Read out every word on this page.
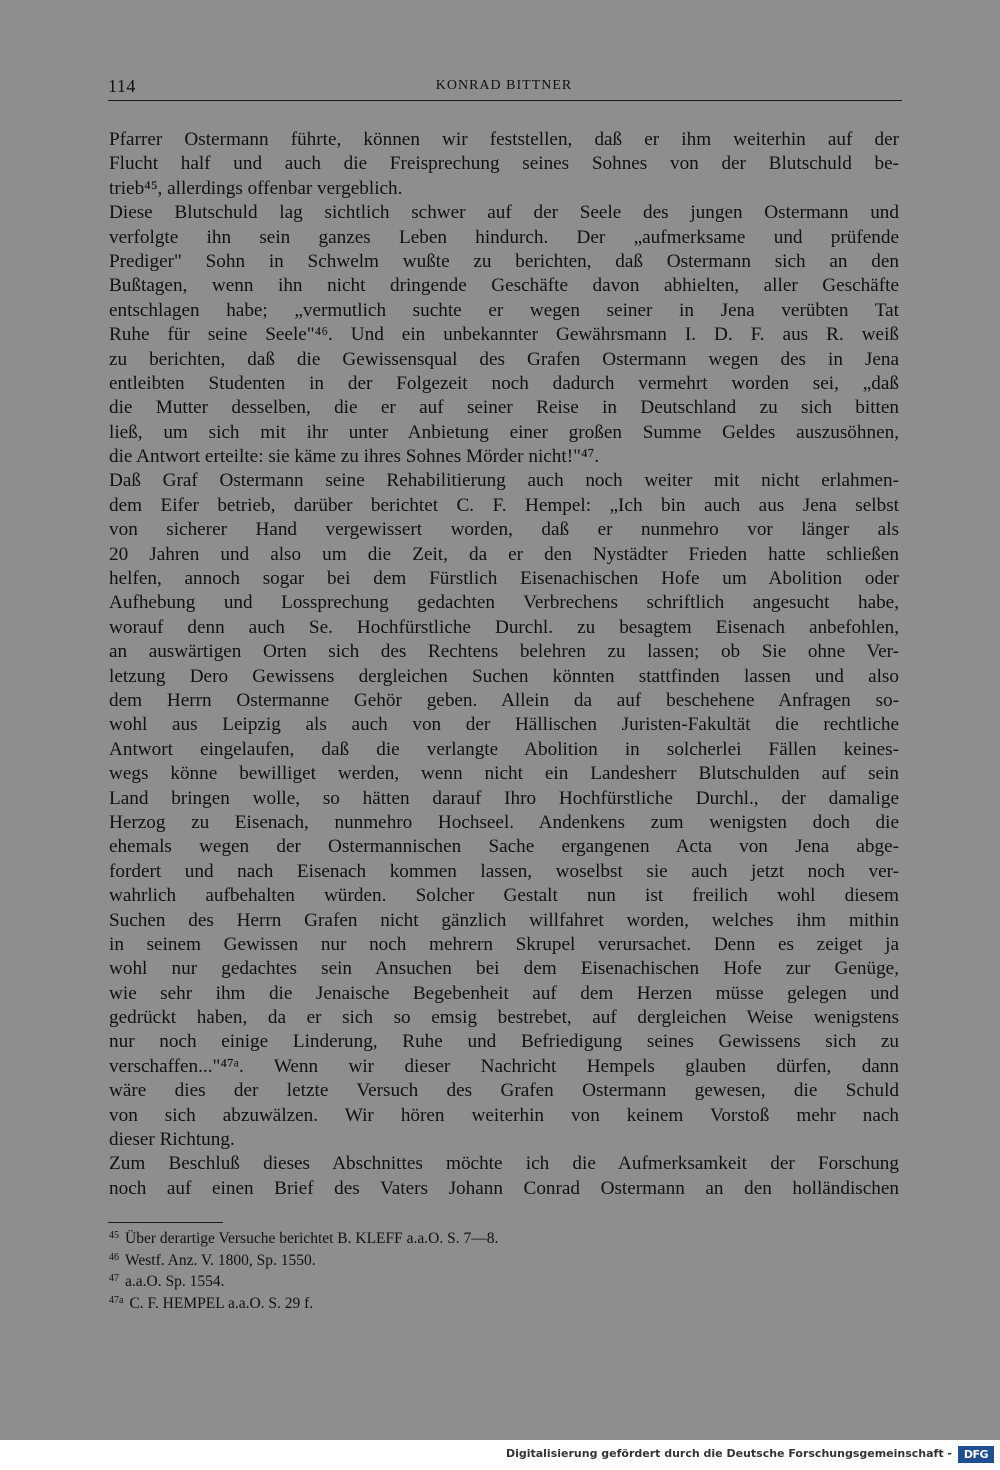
114	KONRAD BITTNER
Pfarrer Ostermann führte, können wir feststellen, daß er ihm weiterhin auf der
Flucht half und auch die Freisprechung seines Sohnes von der Blutschuld be-
trieb⁴⁵, allerdings offenbar vergeblich.
Diese Blutschuld lag sichtlich schwer auf der Seele des jungen Ostermann und
verfolgte ihn sein ganzes Leben hindurch. Der „aufmerksame und prüfende
Prediger" Sohn in Schwelm wußte zu berichten, daß Ostermann sich an den
Bußtagen, wenn ihn nicht dringende Geschäfte davon abhielten, aller Geschäfte
entschlagen habe; „vermutlich suchte er wegen seiner in Jena verübten Tat
Ruhe für seine Seele"⁴⁶. Und ein unbekannter Gewährsmann I. D. F. aus R. weiß
zu berichten, daß die Gewissensqual des Grafen Ostermann wegen des in Jena
entleibten Studenten in der Folgezeit noch dadurch vermehrt worden sei, „daß
die Mutter desselben, die er auf seiner Reise in Deutschland zu sich bitten
ließ, um sich mit ihr unter Anbietung einer großen Summe Geldes auszusöhnen,
die Antwort erteilte: sie käme zu ihres Sohnes Mörder nicht!"⁴⁷.
Daß Graf Ostermann seine Rehabilitierung auch noch weiter mit nicht erlahmen-
dem Eifer betrieb, darüber berichtet C. F. Hempel: „Ich bin auch aus Jena selbst
von sicherer Hand vergewissert worden, daß er nunmehro vor länger als
20 Jahren und also um die Zeit, da er den Nystädter Frieden hatte schließen
helfen, annoch sogar bei dem Fürstlich Eisenachischen Hofe um Abolition oder
Aufhebung und Lossprechung gedachten Verbrechens schriftlich angesucht habe,
worauf denn auch Se. Hochfürstliche Durchl. zu besagtem Eisenach anbefohlen,
an auswärtigen Orten sich des Rechtens belehren zu lassen; ob Sie ohne Ver-
letzung Dero Gewissens dergleichen Suchen könnten stattfinden lassen und also
dem Herrn Ostermanne Gehör geben. Allein da auf beschehene Anfragen so-
wohl aus Leipzig als auch von der Hällischen Juristen-Fakultät die rechtliche
Antwort eingelaufen, daß die verlangte Abolition in solcherlei Fällen keines-
wegs könne bewilliget werden, wenn nicht ein Landesherr Blutschulden auf sein
Land bringen wolle, so hätten darauf Ihro Hochfürstliche Durchl., der damalige
Herzog zu Eisenach, nunmehro Hochseel. Andenkens zum wenigsten doch die
ehemals wegen der Ostermannischen Sache ergangenen Acta von Jena abge-
fordert und nach Eisenach kommen lassen, woselbst sie auch jetzt noch ver-
wahrlich aufbehalten würden. Solcher Gestalt nun ist freilich wohl diesem
Suchen des Herrn Grafen nicht gänzlich willfahret worden, welches ihm mithin
in seinem Gewissen nur noch mehrern Skrupel verursachet. Denn es zeiget ja
wohl nur gedachtes sein Ansuchen bei dem Eisenachischen Hofe zur Genüge,
wie sehr ihm die Jenaische Begebenheit auf dem Herzen müsse gelegen und
gedrückt haben, da er sich so emsig bestrebet, auf dergleichen Weise wenigstens
nur noch einige Linderung, Ruhe und Befriedigung seines Gewissens sich zu
verschaffen..."⁴⁷ᵃ. Wenn wir dieser Nachricht Hempels glauben dürfen, dann
wäre dies der letzte Versuch des Grafen Ostermann gewesen, die Schuld
von sich abzuwälzen. Wir hören weiterhin von keinem Vorstoß mehr nach
dieser Richtung.
Zum Beschluß dieses Abschnittes möchte ich die Aufmerksamkeit der Forschung
noch auf einen Brief des Vaters Johann Conrad Ostermann an den holländischen
$^{45}$ Über derartige Versuche berichtet B. KLEFF a.a.O. S. 7—8.
$^{46}$ Westf. Anz. V. 1800, Sp. 1550.
$^{47}$ a.a.O. Sp. 1554.
$^{47a}$ C. F. HEMPEL a.a.O. S. 29 f.
Digitalisierung gefördert durch die Deutsche Forschungsgemeinschaft -	DFG
